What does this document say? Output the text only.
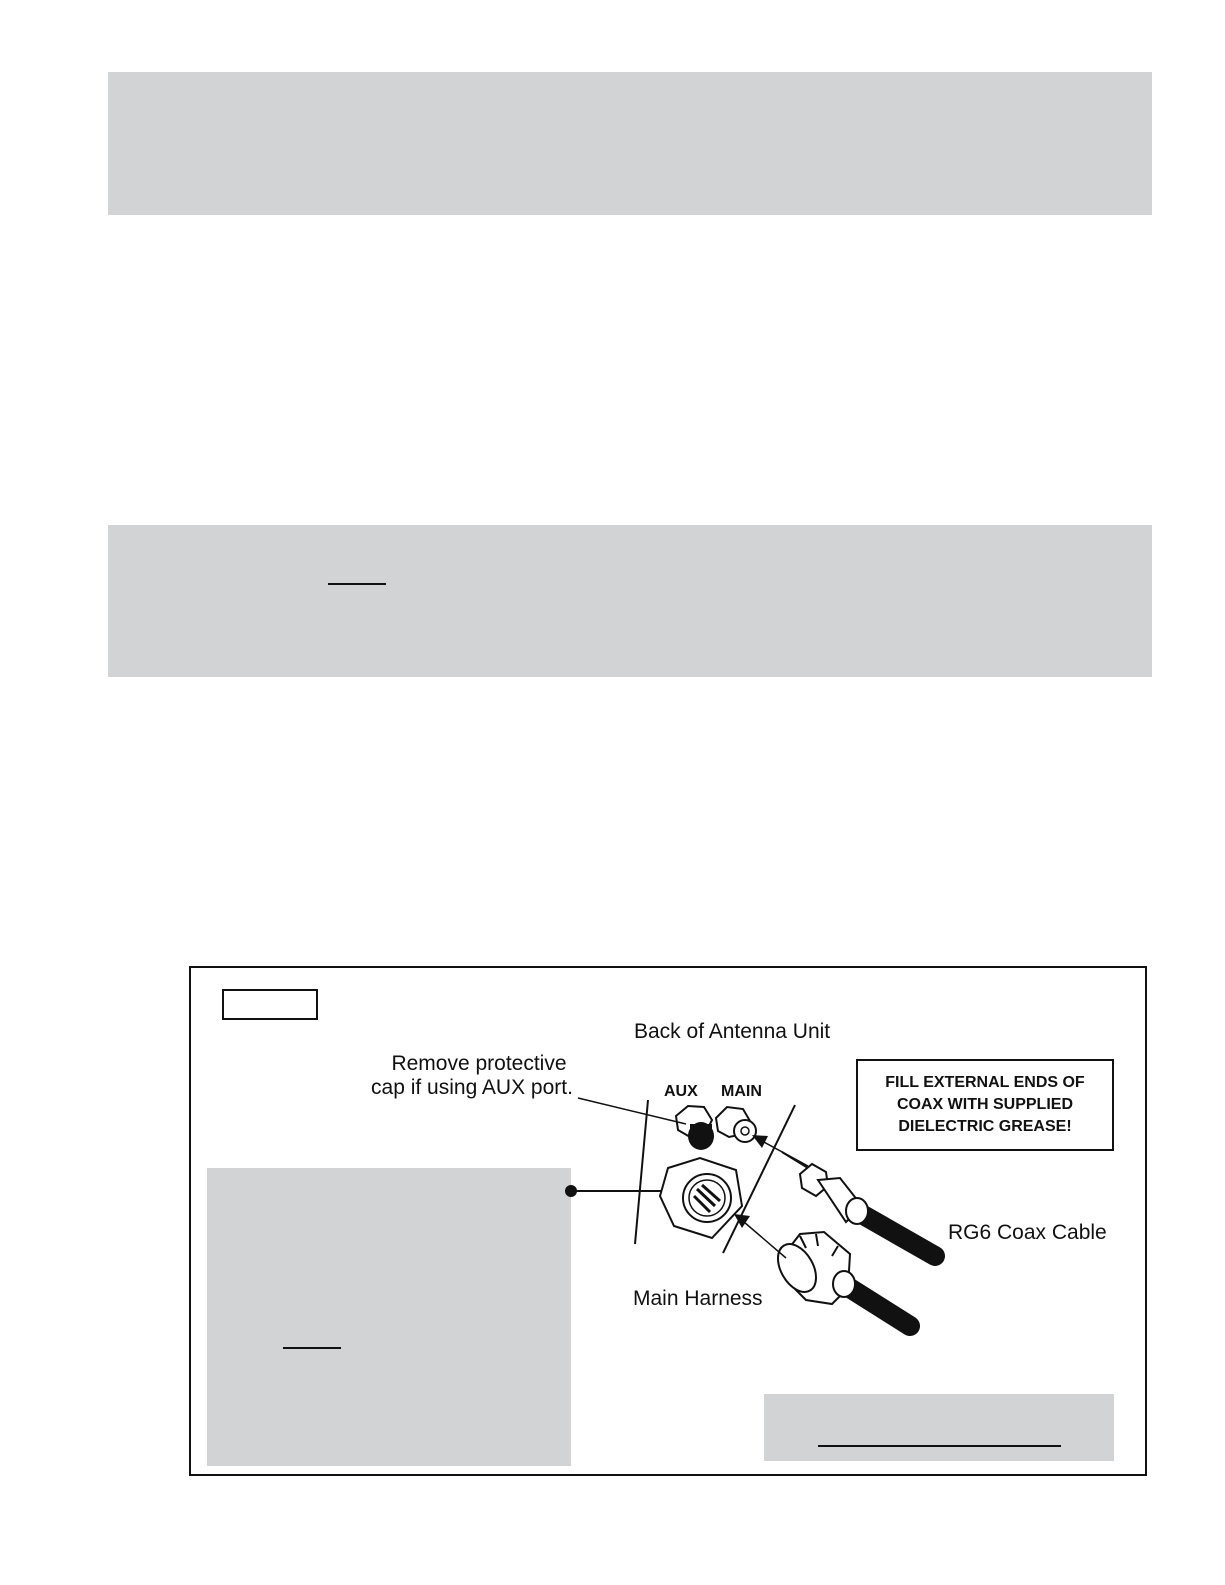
Back of Antenna Unit
Remove protective
cap if using AUX port.	AUX MAIN
FILL EXTERNAL ENDS OF
COAX WITH SUPPLIED
DIELECTRIC GREASE!
RG6 Coax Cable
Main Harness
